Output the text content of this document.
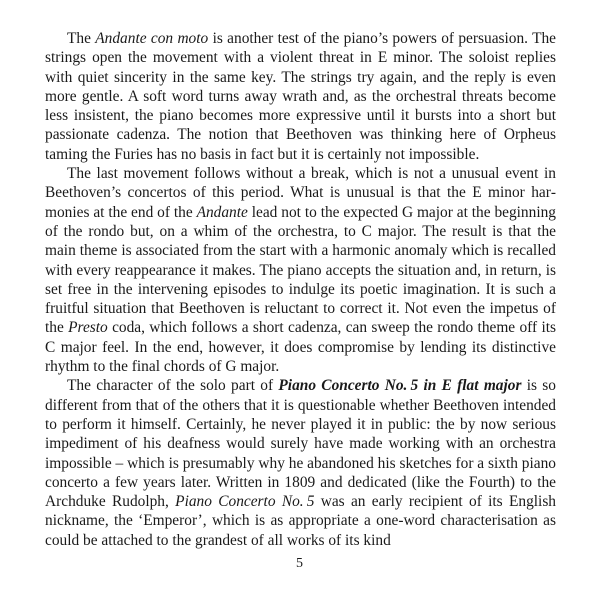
The Andante con moto is another test of the piano’s powers of persuasion. The strings open the movement with a violent threat in E minor. The soloist replies with quiet sincerity in the same key. The strings try again, and the reply is even more gentle. A soft word turns away wrath and, as the orchestral threats become less insistent, the piano becomes more expressive until it bursts into a short but passionate cadenza. The notion that Beethoven was thinking here of Orpheus taming the Furies has no basis in fact but it is certainly not impossible.

The last movement follows without a break, which is not a unusual event in Beethoven’s concertos of this period. What is unusual is that the E minor harmonies at the end of the Andante lead not to the expected G major at the beginning of the rondo but, on a whim of the orchestra, to C major. The result is that the main theme is associated from the start with a harmonic anomaly which is recalled with every reappearance it makes. The piano accepts the situation and, in return, is set free in the intervening episodes to indulge its poetic imagination. It is such a fruitful situation that Beethoven is reluctant to correct it. Not even the impetus of the Presto coda, which follows a short cadenza, can sweep the rondo theme off its C major feel. In the end, however, it does compromise by lending its distinctive rhythm to the final chords of G major.

The character of the solo part of Piano Concerto No. 5 in E flat major is so different from that of the others that it is questionable whether Beethoven intended to perform it himself. Certainly, he never played it in public: the by now serious impediment of his deafness would surely have made working with an orchestra impossible – which is presumably why he abandoned his sketches for a sixth piano concerto a few years later. Written in 1809 and dedicated (like the Fourth) to the Archduke Rudolph, Piano Concerto No. 5 was an early recipient of its English nickname, the ‘Emperor’, which is as appropriate a one-word characterisation as could be attached to the grandest of all works of its kind

5
